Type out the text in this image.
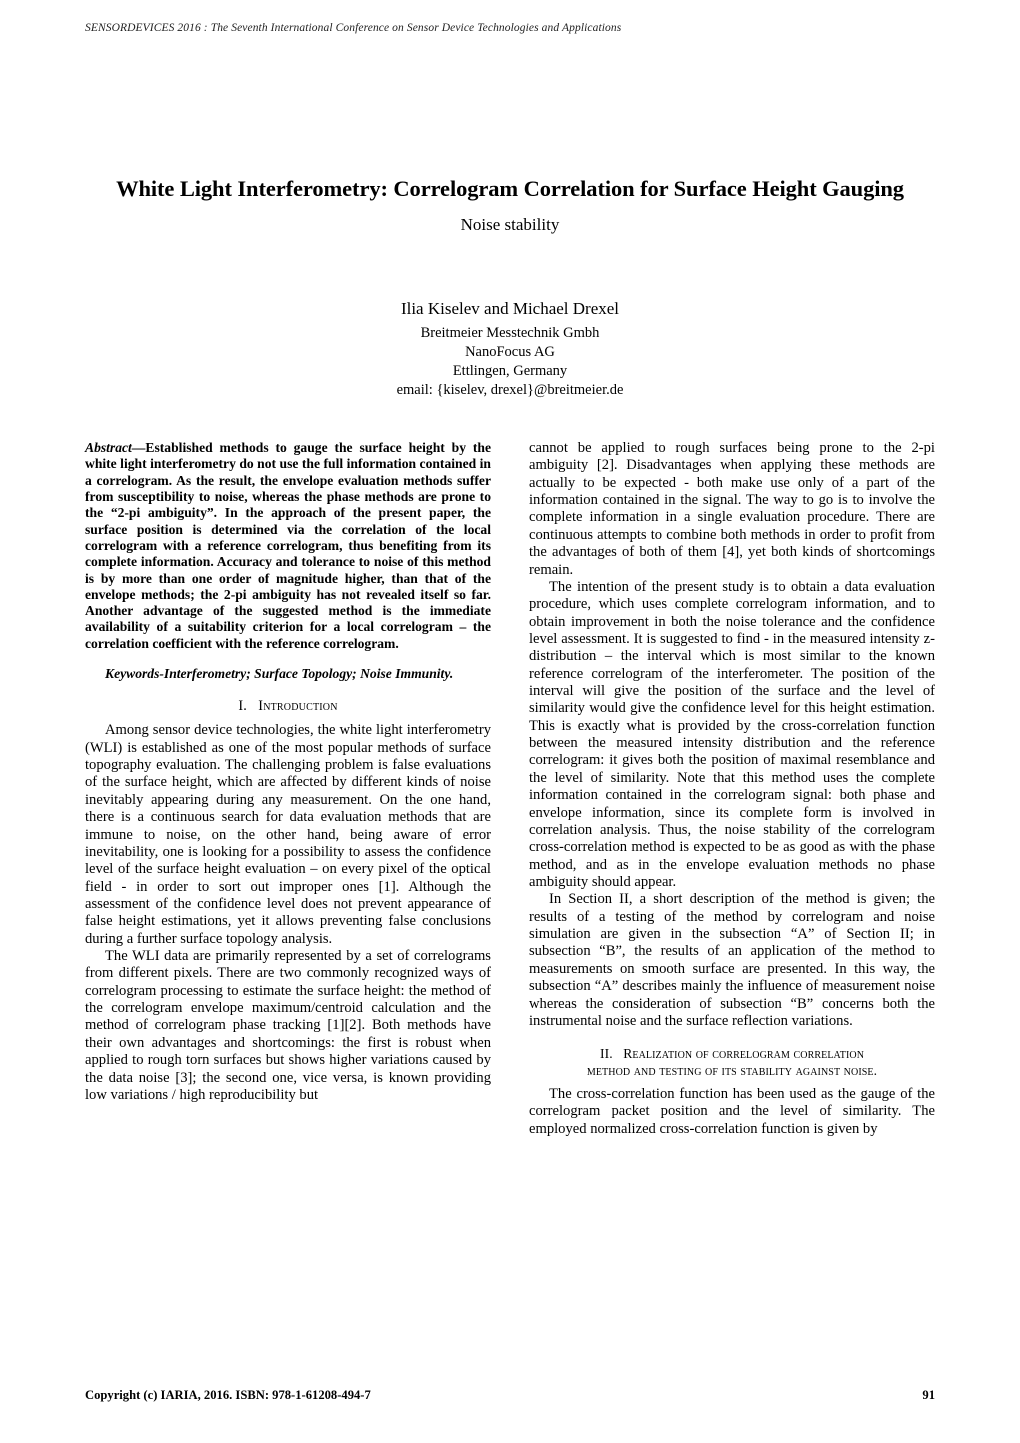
SENSORDEVICES 2016 : The Seventh International Conference on Sensor Device Technologies and Applications
White Light Interferometry: Correlogram Correlation for Surface Height Gauging
Noise stability
Ilia Kiselev and Michael Drexel
Breitmeier Messtechnik Gmbh
NanoFocus AG
Ettlingen, Germany
email: {kiselev, drexel}@breitmeier.de

Abstract—Established methods to gauge the surface height by the white light interferometry do not use the full information contained in a correlogram. As the result, the envelope evaluation methods suffer from susceptibility to noise, whereas the phase methods are prone to the “2-pi ambiguity”. In the approach of the present paper, the surface position is determined via the correlation of the local correlogram with a reference correlogram, thus benefiting from its complete information. Accuracy and tolerance to noise of this method is by more than one order of magnitude higher, than that of the envelope methods; the 2-pi ambiguity has not revealed itself so far. Another advantage of the suggested method is the immediate availability of a suitability criterion for a local correlogram – the correlation coefficient with the reference correlogram.

Keywords-Interferometry; Surface Topology; Noise Immunity.

I. Introduction

Among sensor device technologies, the white light interferometry (WLI) is established as one of the most popular methods of surface topography evaluation. The challenging problem is false evaluations of the surface height, which are affected by different kinds of noise inevitably appearing during any measurement. On the one hand, there is a continuous search for data evaluation methods that are immune to noise, on the other hand, being aware of error inevitability, one is looking for a possibility to assess the confidence level of the surface height evaluation – on every pixel of the optical field - in order to sort out improper ones [1]. Although the assessment of the confidence level does not prevent appearance of false height estimations, yet it allows preventing false conclusions during a further surface topology analysis.

The WLI data are primarily represented by a set of correlograms from different pixels. There are two commonly recognized ways of correlogram processing to estimate the surface height: the method of the correlogram envelope maximum/centroid calculation and the method of correlogram phase tracking [1][2]. Both methods have their own advantages and shortcomings: the first is robust when applied to rough torn surfaces but shows higher variations caused by the data noise [3]; the second one, vice versa, is known providing low variations / high reproducibility but

cannot be applied to rough surfaces being prone to the 2-pi ambiguity [2]. Disadvantages when applying these methods are actually to be expected - both make use only of a part of the information contained in the signal. The way to go is to involve the complete information in a single evaluation procedure. There are continuous attempts to combine both methods in order to profit from the advantages of both of them [4], yet both kinds of shortcomings remain.

The intention of the present study is to obtain a data evaluation procedure, which uses complete correlogram information, and to obtain improvement in both the noise tolerance and the confidence level assessment. It is suggested to find - in the measured intensity z-distribution – the interval which is most similar to the known reference correlogram of the interferometer. The position of the interval will give the position of the surface and the level of similarity would give the confidence level for this height estimation. This is exactly what is provided by the cross-correlation function between the measured intensity distribution and the reference correlogram: it gives both the position of maximal resemblance and the level of similarity. Note that this method uses the complete information contained in the correlogram signal: both phase and envelope information, since its complete form is involved in correlation analysis. Thus, the noise stability of the correlogram cross-correlation method is expected to be as good as with the phase method, and as in the envelope evaluation methods no phase ambiguity should appear.

In Section II, a short description of the method is given; the results of a testing of the method by correlogram and noise simulation are given in the subsection “A” of Section II; in subsection “B”, the results of an application of the method to measurements on smooth surface are presented. In this way, the subsection “A” describes mainly the influence of measurement noise whereas the consideration of subsection “B” concerns both the instrumental noise and the surface reflection variations.

II. Realization of correlogram correlation
method and testing of its stability against noise.

The cross-correlation function has been used as the gauge of the correlogram packet position and the level of similarity. The employed normalized cross-correlation function is given by

Copyright (c) IARIA, 2016. ISBN: 978-1-61208-494-7	91
